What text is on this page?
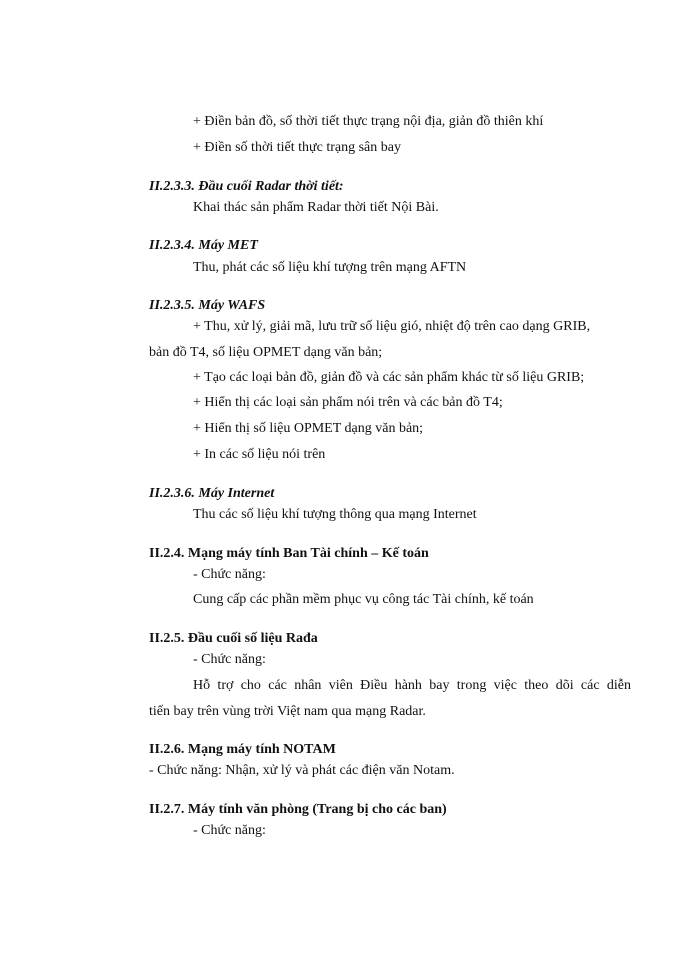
+ Điền bản đồ, số thời tiết thực trạng nội địa, giản đồ thiên khí
+ Điền số thời tiết thực trạng sân bay
II.2.3.3. Đầu cuối Radar thời tiết:
Khai thác sản phẩm Radar thời tiết Nội Bài.
II.2.3.4. Máy MET
Thu, phát các số liệu khí tượng trên mạng AFTN
II.2.3.5. Máy WAFS
+ Thu, xử lý, giải mã, lưu trữ số liệu gió, nhiệt độ trên cao dạng GRIB,
bản đồ T4, số liệu OPMET dạng văn bản;
+ Tạo các loại bản đồ, giản đồ và các sản phẩm khác từ số liệu GRIB;
+ Hiển thị các loại sản phẩm nói trên và các bản đồ T4;
+ Hiển thị số liệu OPMET dạng văn bản;
+ In các số liệu nói trên
II.2.3.6. Máy Internet
Thu các số liệu khí tượng thông qua mạng Internet
II.2.4. Mạng máy tính Ban Tài chính – Kế toán
- Chức năng:
Cung cấp các phần mềm phục vụ công tác Tài chính, kế toán
II.2.5. Đầu cuối số liệu Rađa
- Chức năng:
Hỗ trợ cho các nhân viên Điều hành bay trong việc theo dõi các diễn
tiến bay trên vùng trời Việt nam qua mạng Radar.
II.2.6. Mạng máy tính NOTAM
- Chức năng: Nhận, xử lý và phát các điện văn Notam.
II.2.7. Máy tính văn phòng (Trang bị cho các ban)
- Chức năng:
